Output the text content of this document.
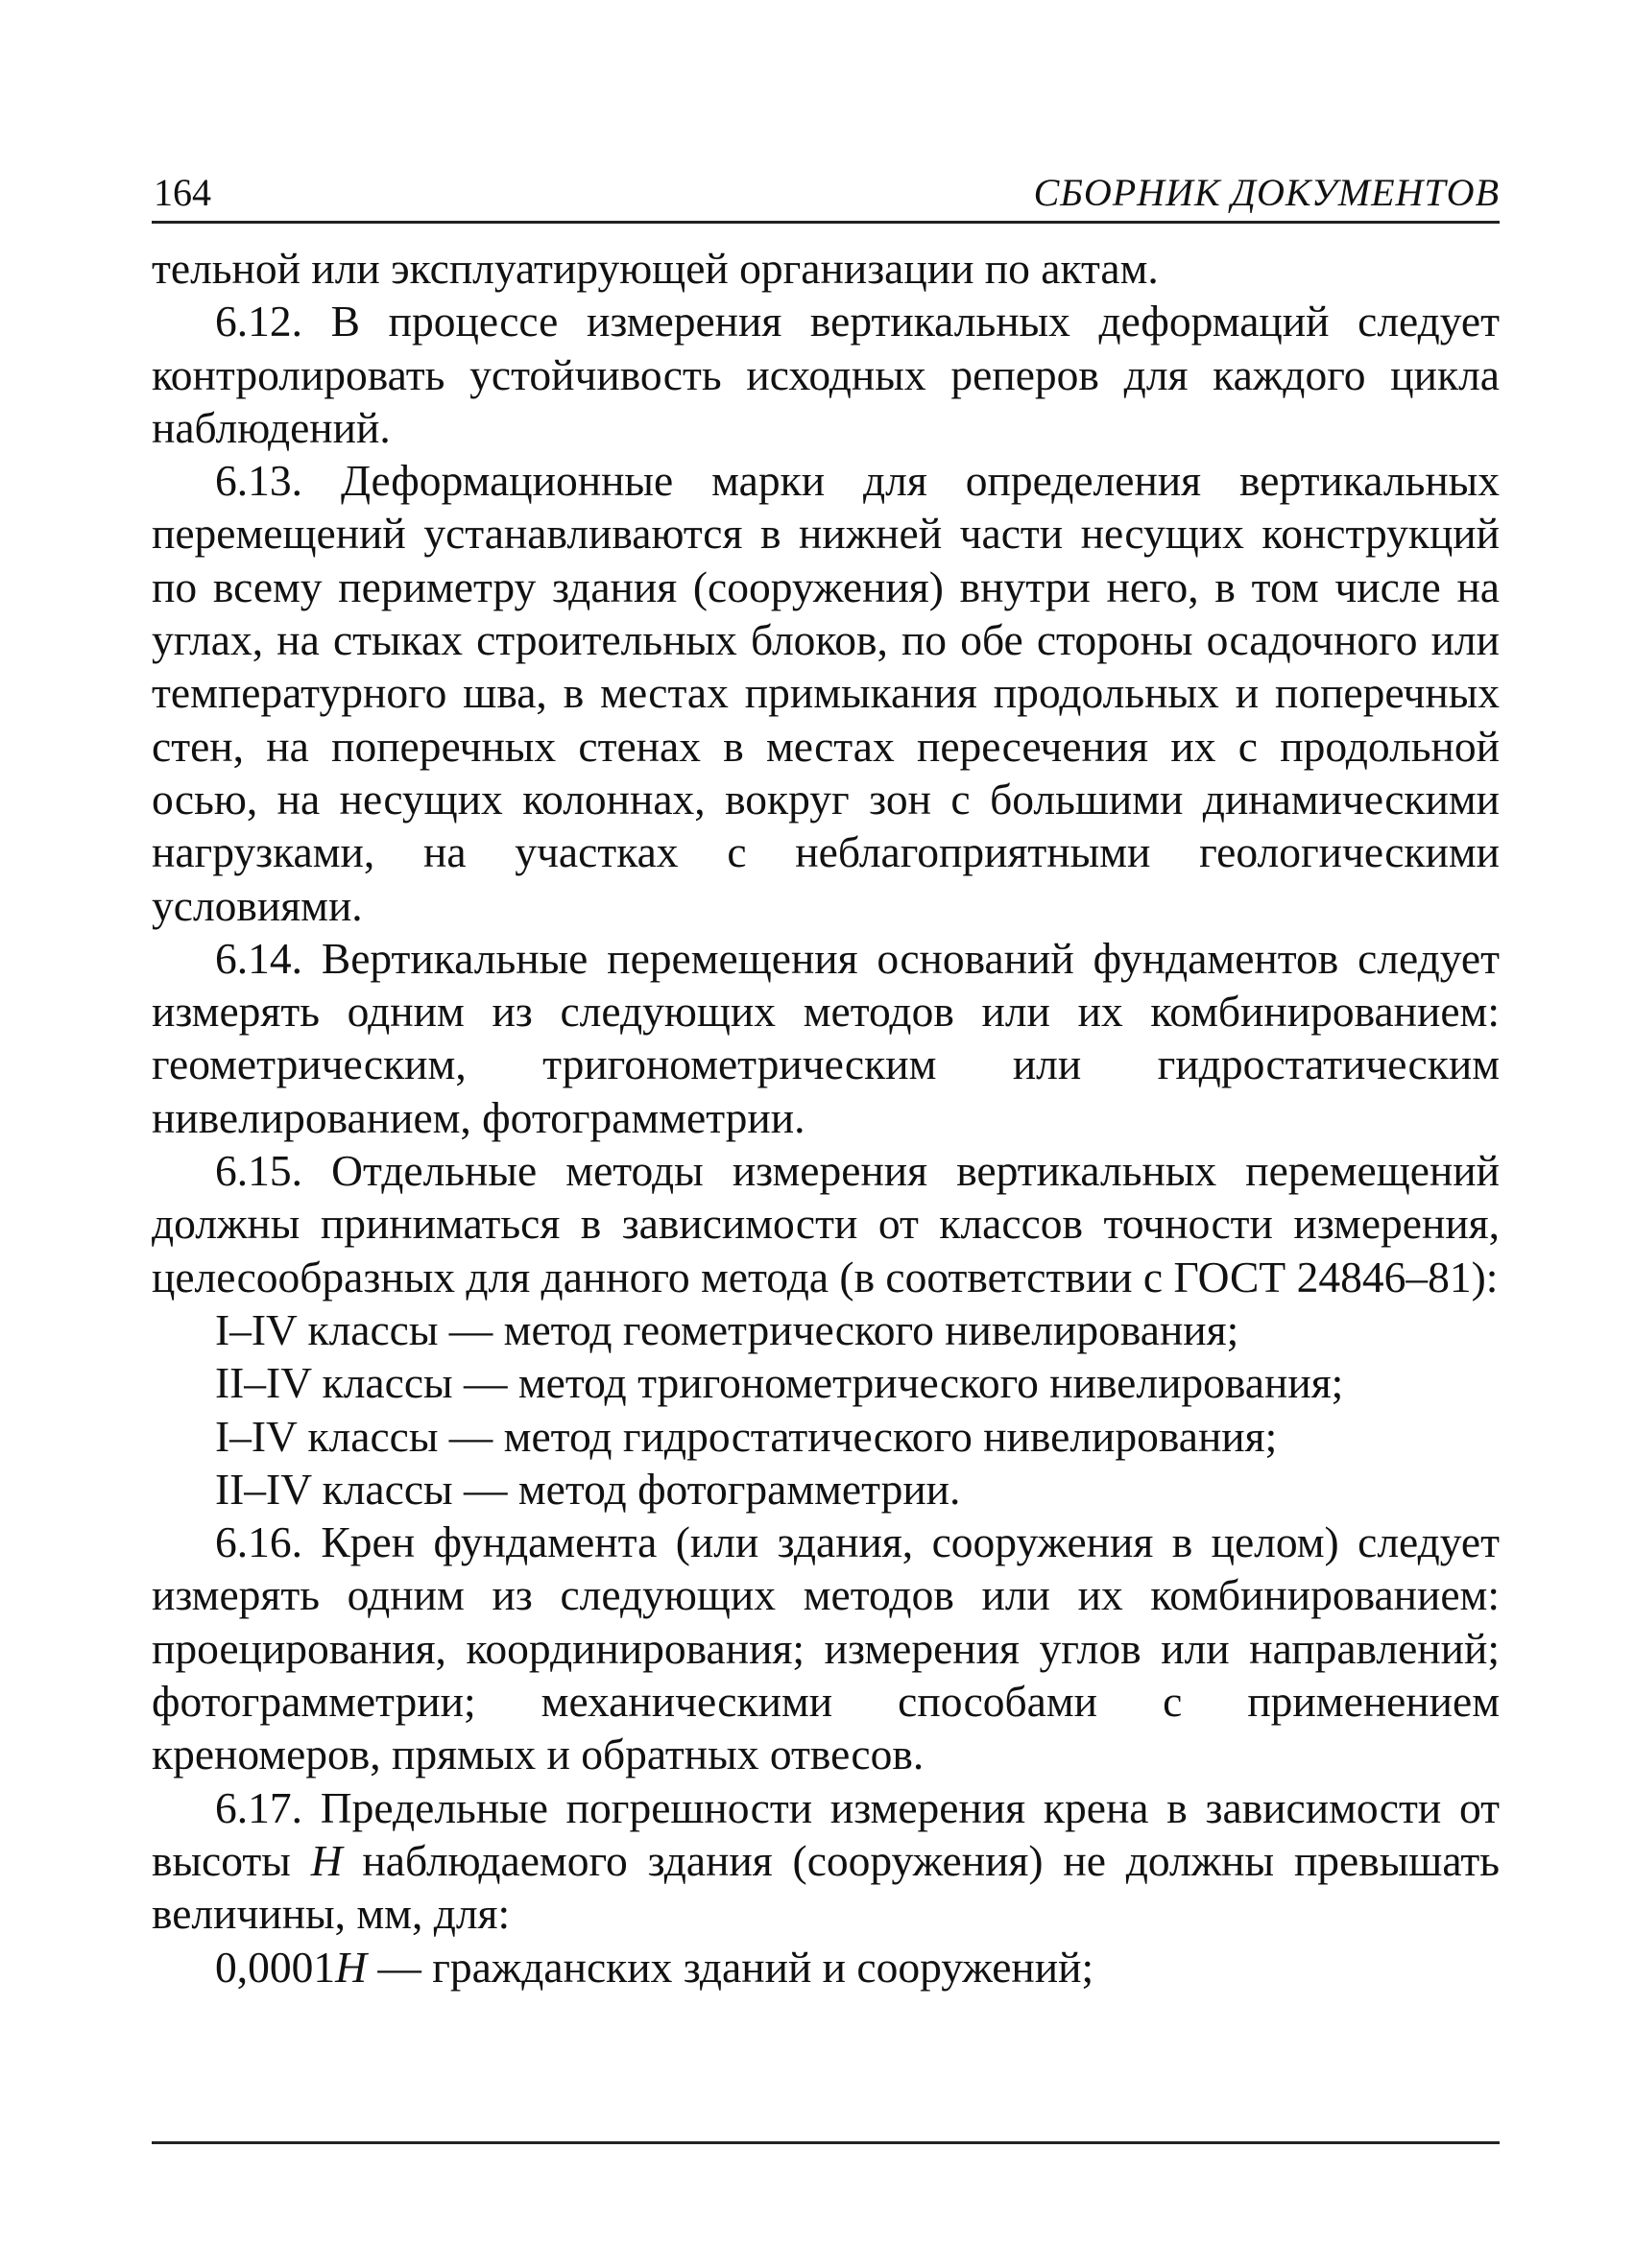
164	СБОРНИК ДОКУМЕНТОВ

тельной или эксплуатирующей организации по актам.

6.12. В процессе измерения вертикальных деформаций следует контролировать устойчивость исходных реперов для каждого цикла наблюдений.

6.13. Деформационные марки для определения вертикальных перемещений устанавливаются в нижней части несущих конструкций по всему периметру здания (сооружения) внутри него, в том числе на углах, на стыках строительных блоков, по обе стороны осадочного или температурного шва, в местах примыкания продольных и поперечных стен, на поперечных стенах в местах пересечения их с продольной осью, на несущих колоннах, вокруг зон с большими динамическими нагрузками, на участках с неблагоприятными геологическими условиями.

6.14. Вертикальные перемещения оснований фундаментов следует измерять одним из следующих методов или их комбинированием: геометрическим, тригонометрическим или гидростатическим нивелированием, фотограмметрии.

6.15. Отдельные методы измерения вертикальных перемещений должны приниматься в зависимости от классов точности измерения, целесообразных для данного метода (в соответствии с ГОСТ 24846–81):

I–IV классы — метод геометрического нивелирования;

II–IV классы — метод тригонометрического нивелирования;

I–IV классы — метод гидростатического нивелирования;

II–IV классы — метод фотограмметрии.

6.16. Крен фундамента (или здания, сооружения в целом) следует измерять одним из следующих методов или их комбинированием: проецирования, координирования; измерения углов или направлений; фотограмметрии; механическими способами с применением креномеров, прямых и обратных отвесов.

6.17. Предельные погрешности измерения крена в зависимости от высоты H наблюдаемого здания (сооружения) не должны превышать величины, мм, для:

0,0001H — гражданских зданий и сооружений;
